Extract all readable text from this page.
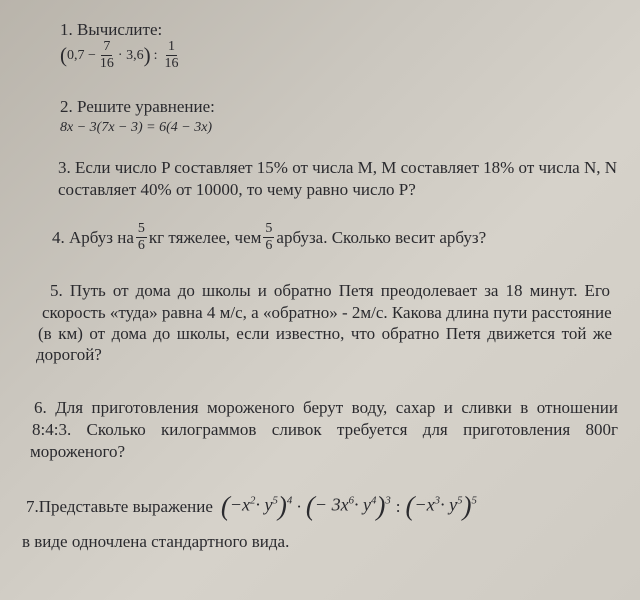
1. Вычислите:
( $0,7 - \frac{7}{16} \cdot 3,6$ ) : $\frac{1}{16}$
2. Решите уравнение:
8x − 3(7x − 3) = 6(4 − 3x)
3. Если число P составляет 15% от числа M, M составляет 18% от числа N, N
составляет 40% от 10000, то чему равно число P?
4. Арбуз на $\frac{5}{6}$ кг тяжелее, чем $\frac{5}{6}$ арбуза. Сколько весит арбуз?
5. Путь от дома до школы и обратно Петя преодолевает за 18 минут. Его
скорость «туда» равна 4 м/с, а «обратно» - 2м/с. Какова длина пути расстояние
(в км) от дома до школы, если известно, что обратно Петя движется той же
дорогой?
6. Для приготовления мороженого берут воду, сахар и сливки в отношении
8:4:3. Сколько килограммов сливок требуется для приготовления 800г
мороженого?
7.Представьте выражение $(-x^2\cdot y^5)^4$ · (− $3x^6\cdot y^4)^3$ : $(-x^3\cdot y^5)^5$
в виде одночлена стандартного вида.
